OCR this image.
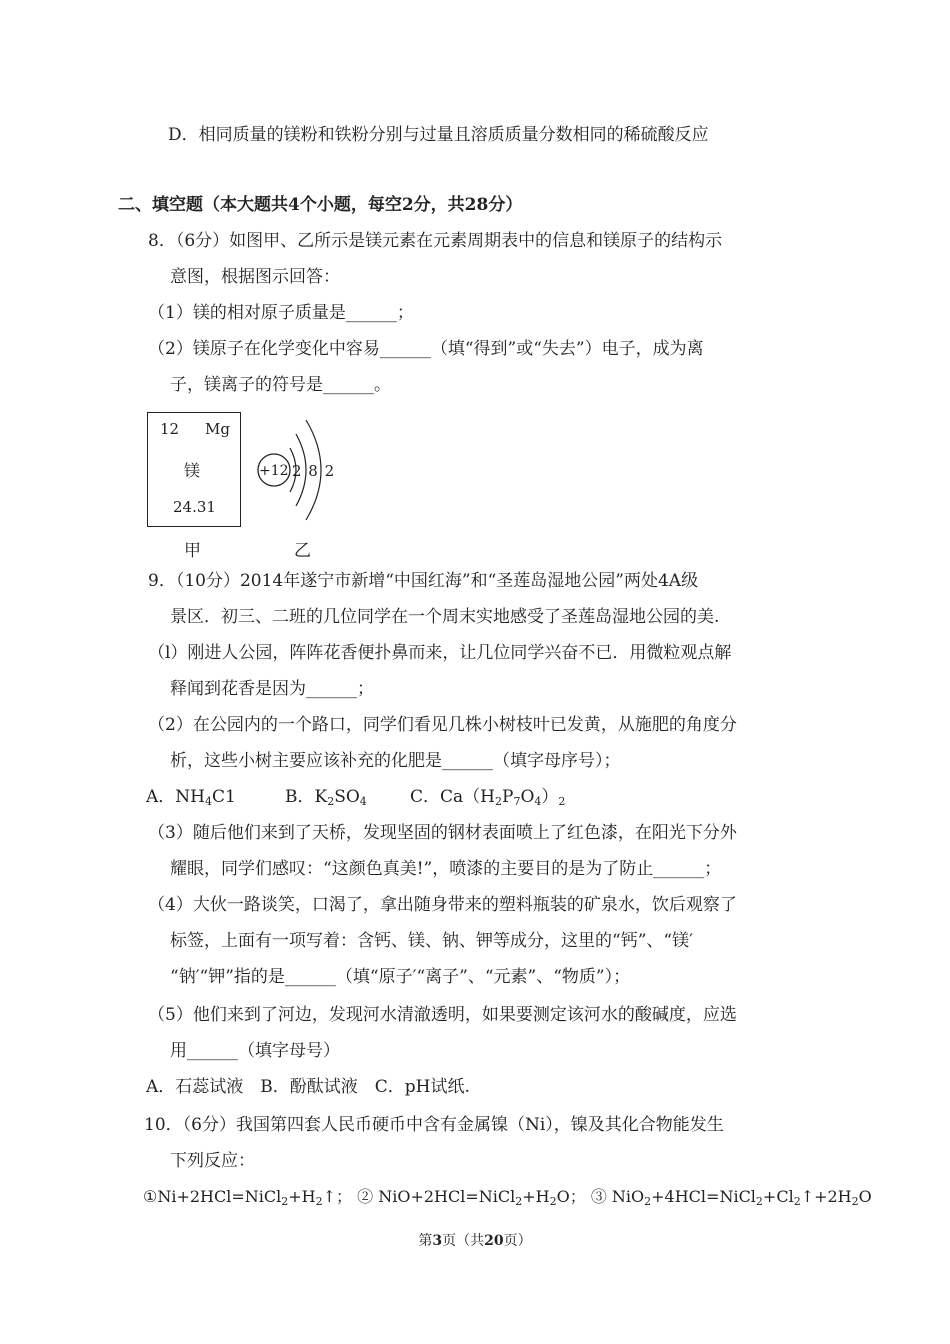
D．相同质量的镁粉和铁粉分别与过量且溶质质量分数相同的稀硫酸反应
二、填空题（本大题共4个小题，每空2分，共28分）
8．（6分）如图甲、乙所示是镁元素在元素周期表中的信息和镁原子的结构示
意图，根据图示回答：
（1）镁的相对原子质量是______；
（2）镁原子在化学变化中容易______（填“得到”或“失去”）电子，成为离
子，镁离子的符号是______。
12 Mg
镁
24.31
+12 2 8 2
甲	乙
9．（10分）2014年遂宁市新增“中国红海”和“圣莲岛湿地公园”两处4A级
景区．初三、二班的几位同学在一个周末实地感受了圣莲岛湿地公园的美.
（l）刚进人公园，阵阵花香便扑鼻而来，让几位同学兴奋不已．用微粒观点解
释闻到花香是因为______；
（2）在公园内的一个路口，同学们看见几株小树枝叶已发黄，从施肥的角度分
析，这些小树主要应该补充的化肥是______（填字母序号）；
A．$NH_4C1$	B．$K_2SO_4$	C．$Ca(H_2P_7O_4)_2$
（3）随后他们来到了天桥，发现坚固的钢材表面喷上了红色漆，在阳光下分外
耀眼，同学们感叹：“这颜色真美!”，喷漆的主要目的是为了防止______；
（4）大伙一路谈笑，口渴了，拿出随身带来的塑料瓶装的矿泉水，饮后观察了
标签，上面有一项写着：含钙、镁、钠、钾等成分，这里的“钙”、“镁′
“钠′“钾”指的是______（填“原子′“离子”、“元素”、“物质”）；
（5）他们来到了河边，发现河水清澈透明，如果要测定该河水的酸碱度，应选
用______（填字母号）
A．石蕊试液　B．酚酞试液　C．pH试纸.
10．（6分）我国第四套人民币硬币中含有金属镍（Ni），镍及其化合物能发生
下列反应：
$①Ni+2HCl=NiCl_2+H_2↑$； ② $NiO+2HCl=NiCl_2+H_2O$； ③ $NiO_2+4HCl=NiCl_2+Cl_2↑+2H_2O$
第3页（共20页）
